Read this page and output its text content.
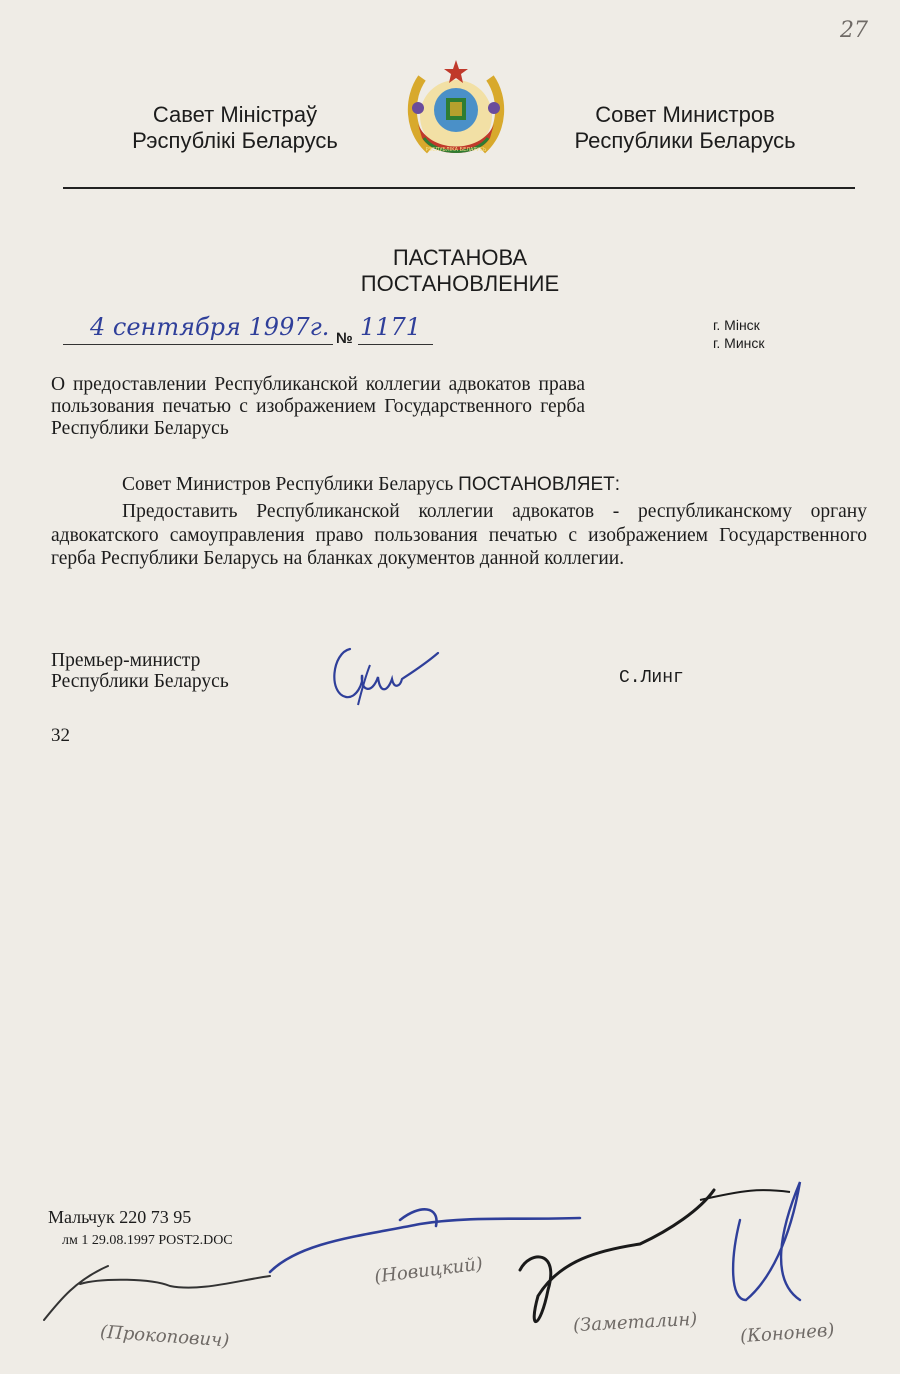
27
Савет Міністраў
Рэспублікі Беларусь	РЭСПУБЛІКА БЕЛАРУСЬ
Совет Министров
Республики Беларусь
ПАСТАНОВА
ПОСТАНОВЛЕНИЕ
4 сентября 1997г. № 1171	г. Мінск
г. Минск
О предоставлении Республиканской коллегии адвокатов права пользования печатью с изображением Государственного герба Республики Беларусь
Совет Министров Республики Беларусь ПОСТАНОВЛЯЕТ:
Предоставить Республиканской коллегии адвокатов - республиканскому органу адвокатского самоуправления право пользования печатью с изображением Государственного герба Республики Беларусь на бланках документов данной коллегии.
Премьер-министр
Республики Беларусь	С.Линг
32
Мальчук 220 73 95
лм 1 29.08.1997 POST2.DOC
(Прокопович)
(Новицкий)
(Заметалин) (Кононев)
